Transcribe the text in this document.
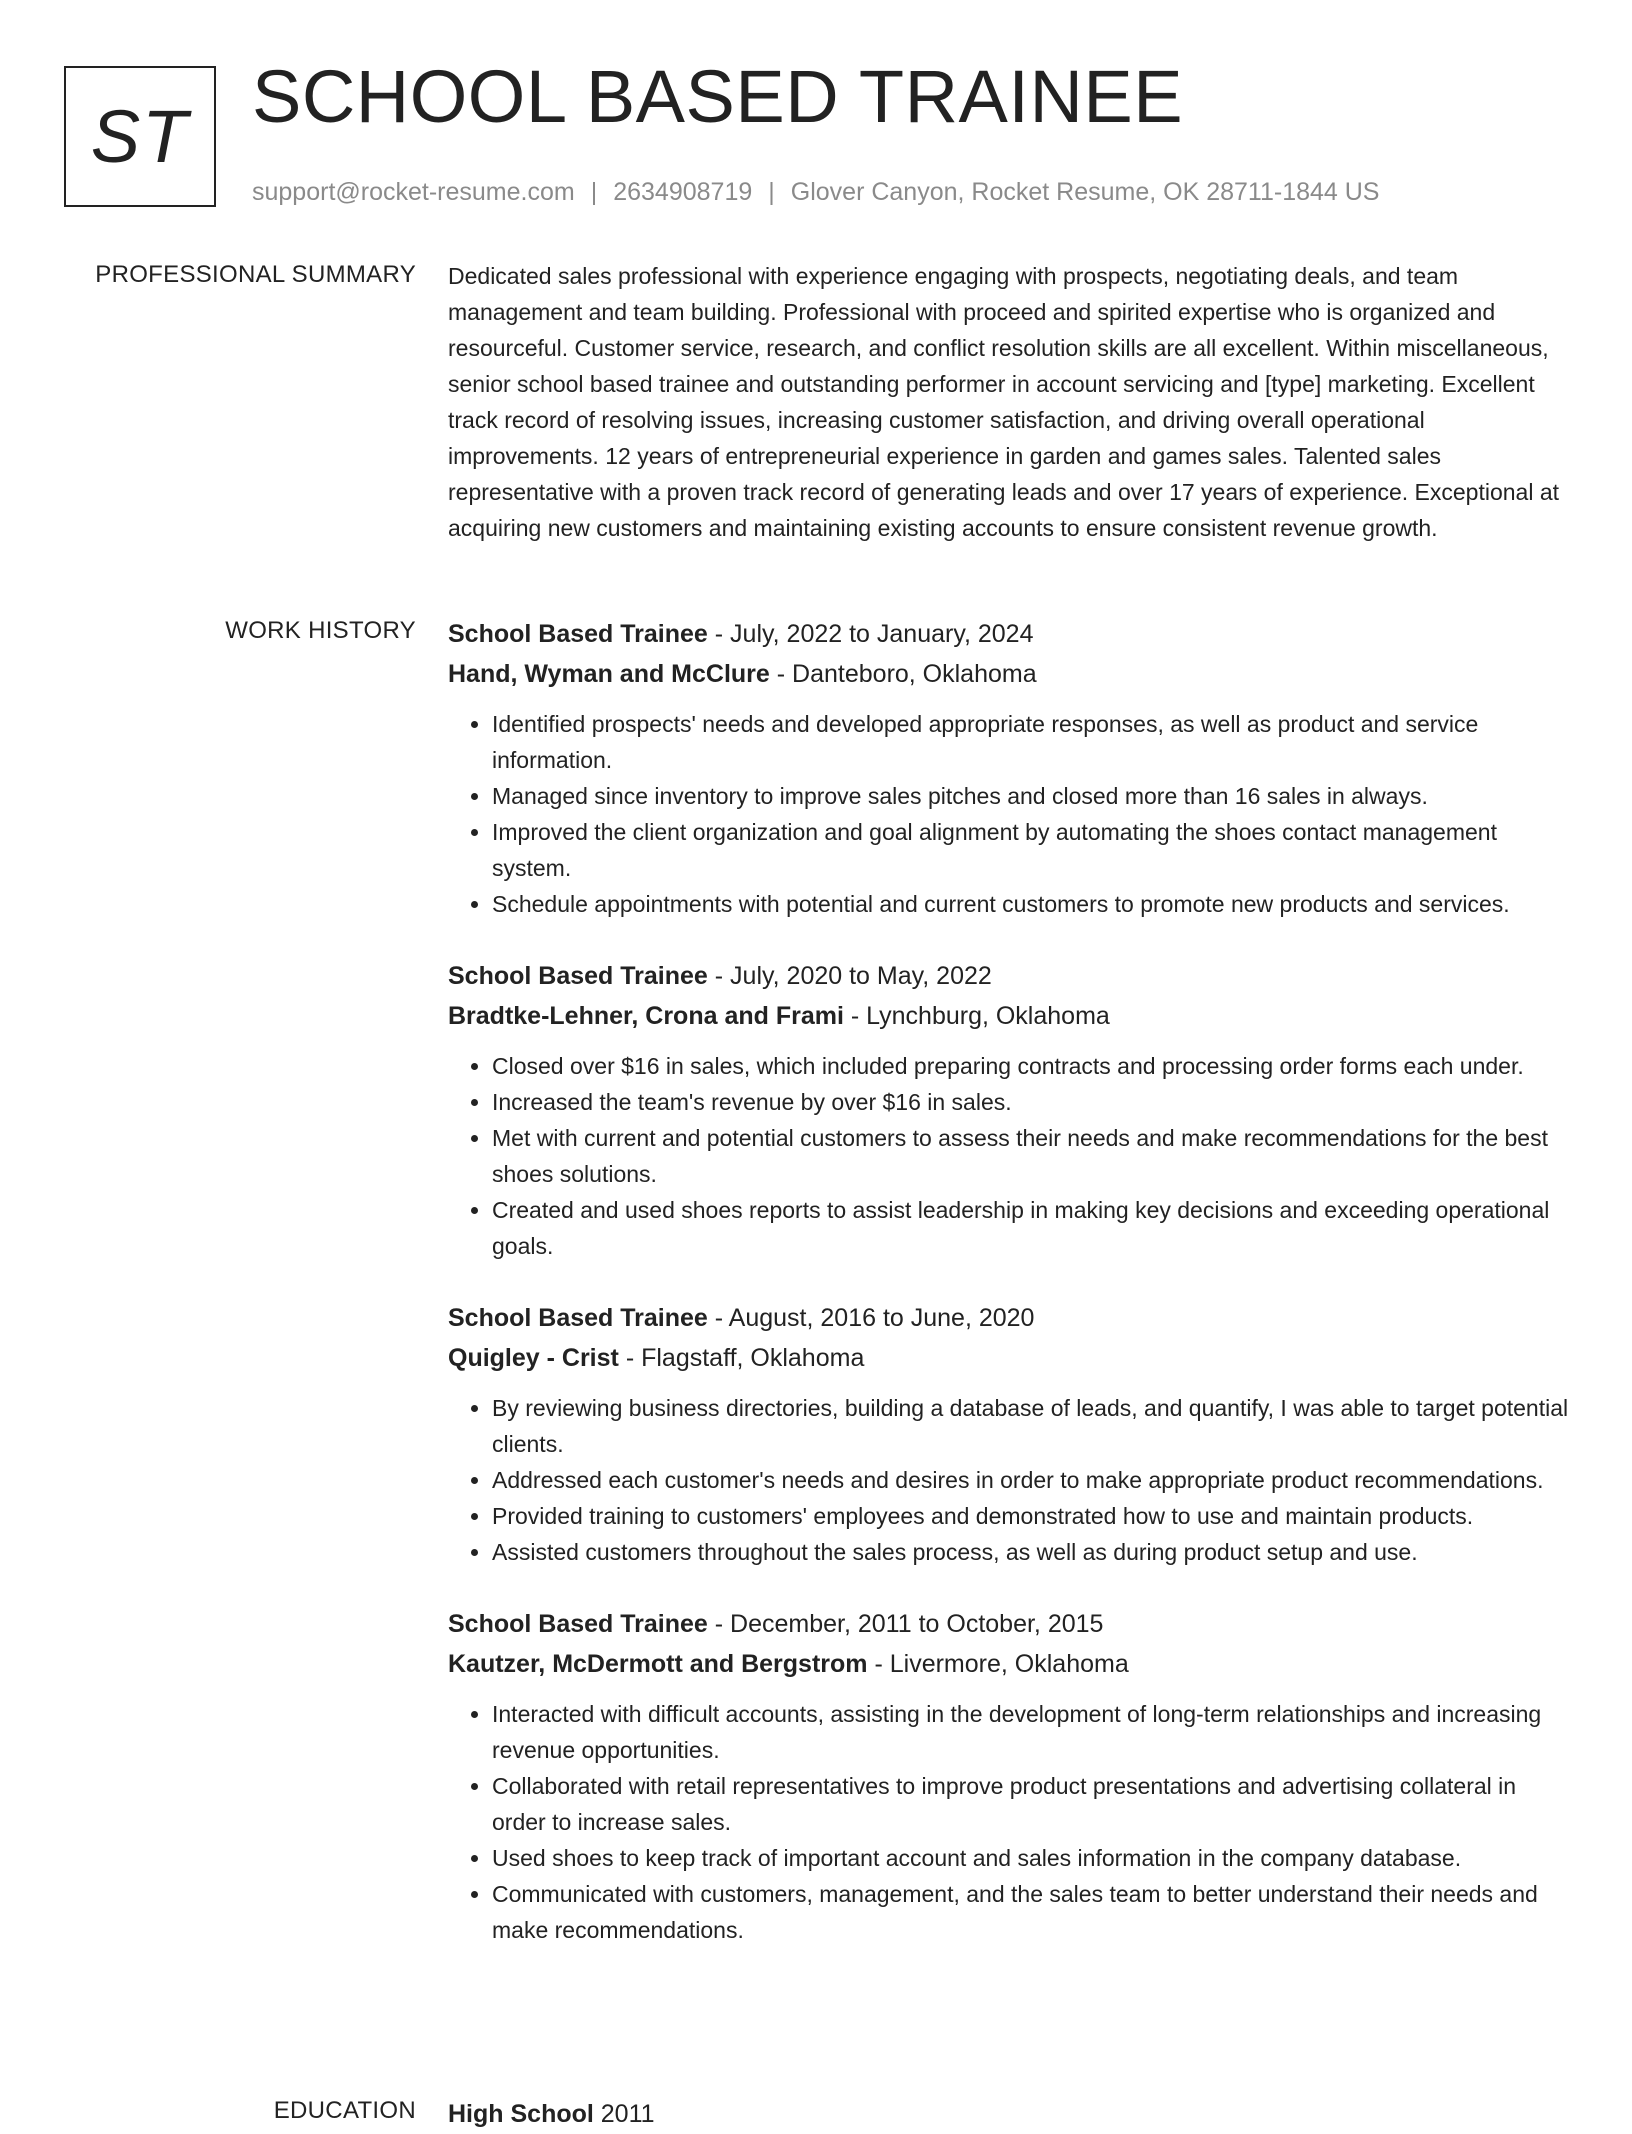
ST SCHOOL BASED TRAINEE
support@rocket-resume.com | 2634908719 | Glover Canyon, Rocket Resume, OK 28711-1844 US
PROFESSIONAL SUMMARY Dedicated sales professional with experience engaging with prospects, negotiating deals, and team management and team building. Professional with proceed and spirited expertise who is organized and resourceful. Customer service, research, and conflict resolution skills are all excellent. Within miscellaneous, senior school based trainee and outstanding performer in account servicing and [type] marketing. Excellent track record of resolving issues, increasing customer satisfaction, and driving overall operational improvements. 12 years of entrepreneurial experience in garden and games sales. Talented sales representative with a proven track record of generating leads and over 17 years of experience. Exceptional at acquiring new customers and maintaining existing accounts to ensure consistent revenue growth.

WORK HISTORY School Based Trainee - July, 2022 to January, 2024
Hand, Wyman and McClure - Danteboro, Oklahoma
• Identified prospects' needs and developed appropriate responses, as well as product and service information.
• Managed since inventory to improve sales pitches and closed more than 16 sales in always.
• Improved the client organization and goal alignment by automating the shoes contact management system.
• Schedule appointments with potential and current customers to promote new products and services.
School Based Trainee - July, 2020 to May, 2022
Bradtke-Lehner, Crona and Frami - Lynchburg, Oklahoma
• Closed over $16 in sales, which included preparing contracts and processing order forms each under.
• Increased the team's revenue by over $16 in sales.
• Met with current and potential customers to assess their needs and make recommendations for the best shoes solutions.
• Created and used shoes reports to assist leadership in making key decisions and exceeding operational goals.
School Based Trainee - August, 2016 to June, 2020
Quigley - Crist - Flagstaff, Oklahoma
• By reviewing business directories, building a database of leads, and quantify, I was able to target potential clients.
• Addressed each customer's needs and desires in order to make appropriate product recommendations.
• Provided training to customers' employees and demonstrated how to use and maintain products.
• Assisted customers throughout the sales process, as well as during product setup and use.
School Based Trainee - December, 2011 to October, 2015
Kautzer, McDermott and Bergstrom - Livermore, Oklahoma
• Interacted with difficult accounts, assisting in the development of long-term relationships and increasing revenue opportunities.
• Collaborated with retail representatives to improve product presentations and advertising collateral in order to increase sales.
• Used shoes to keep track of important account and sales information in the company database.
• Communicated with customers, management, and the sales team to better understand their needs and make recommendations.
EDUCATION High School 2011
